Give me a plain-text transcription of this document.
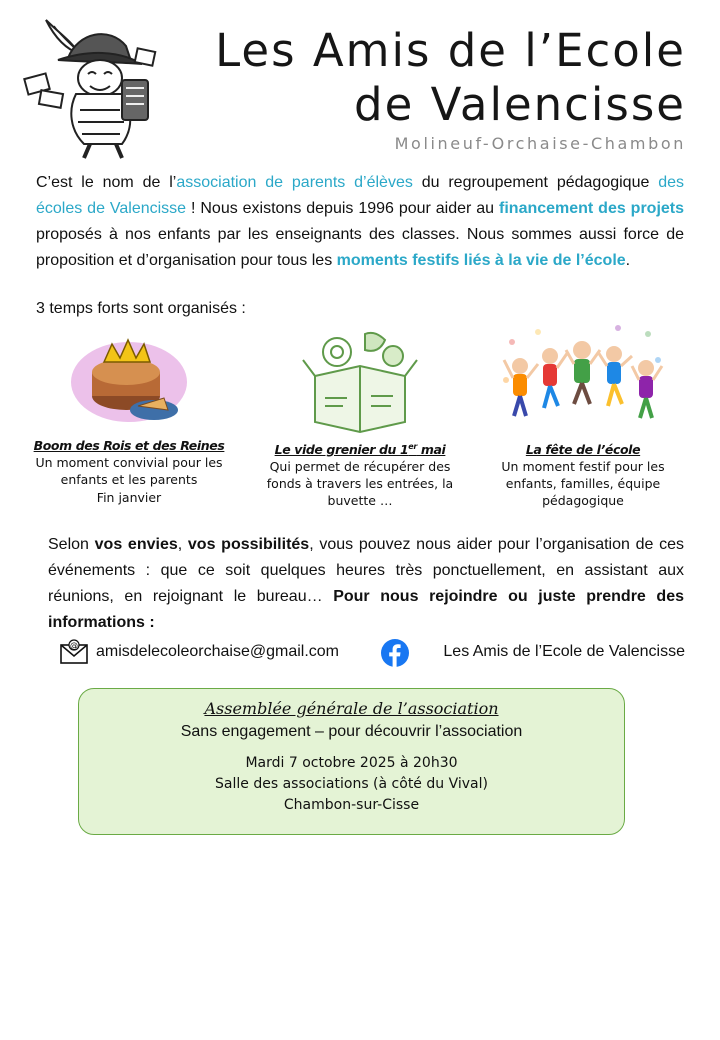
Les Amis de l’Ecole
de Valencisse
Molineuf-Orchaise-Chambon
C’est le nom de l’association de parents d’élèves du regroupement pédagogique des écoles de Valencisse ! Nous existons depuis 1996 pour aider au financement des projets proposés à nos enfants par les enseignants des classes. Nous sommes aussi force de proposition et d’organisation pour tous les moments festifs liés à la vie de l’école.
3 temps forts sont organisés :
Boom des Rois et des Reines
Un moment convivial pour les enfants et les parents
Fin janvier
Le vide grenier du 1er mai
Qui permet de récupérer des fonds à travers les entrées, la buvette …
La fête de l’école
Un moment festif pour les enfants, familles, équipe pédagogique
Selon vos envies, vos possibilités, vous pouvez nous aider pour l’organisation de ces événements : que ce soit quelques heures très ponctuellement, en assistant aux réunions, en rejoignant le bureau… Pour nous rejoindre ou juste prendre des informations :
@ amisdelecoleorchaise@gmail.com	Les Amis de l’Ecole de Valencisse
Assemblée générale de l’association
Sans engagement – pour découvrir l’association
Mardi 7 octobre 2025 à 20h30
Salle des associations (à côté du Vival)
Chambon-sur-Cisse
